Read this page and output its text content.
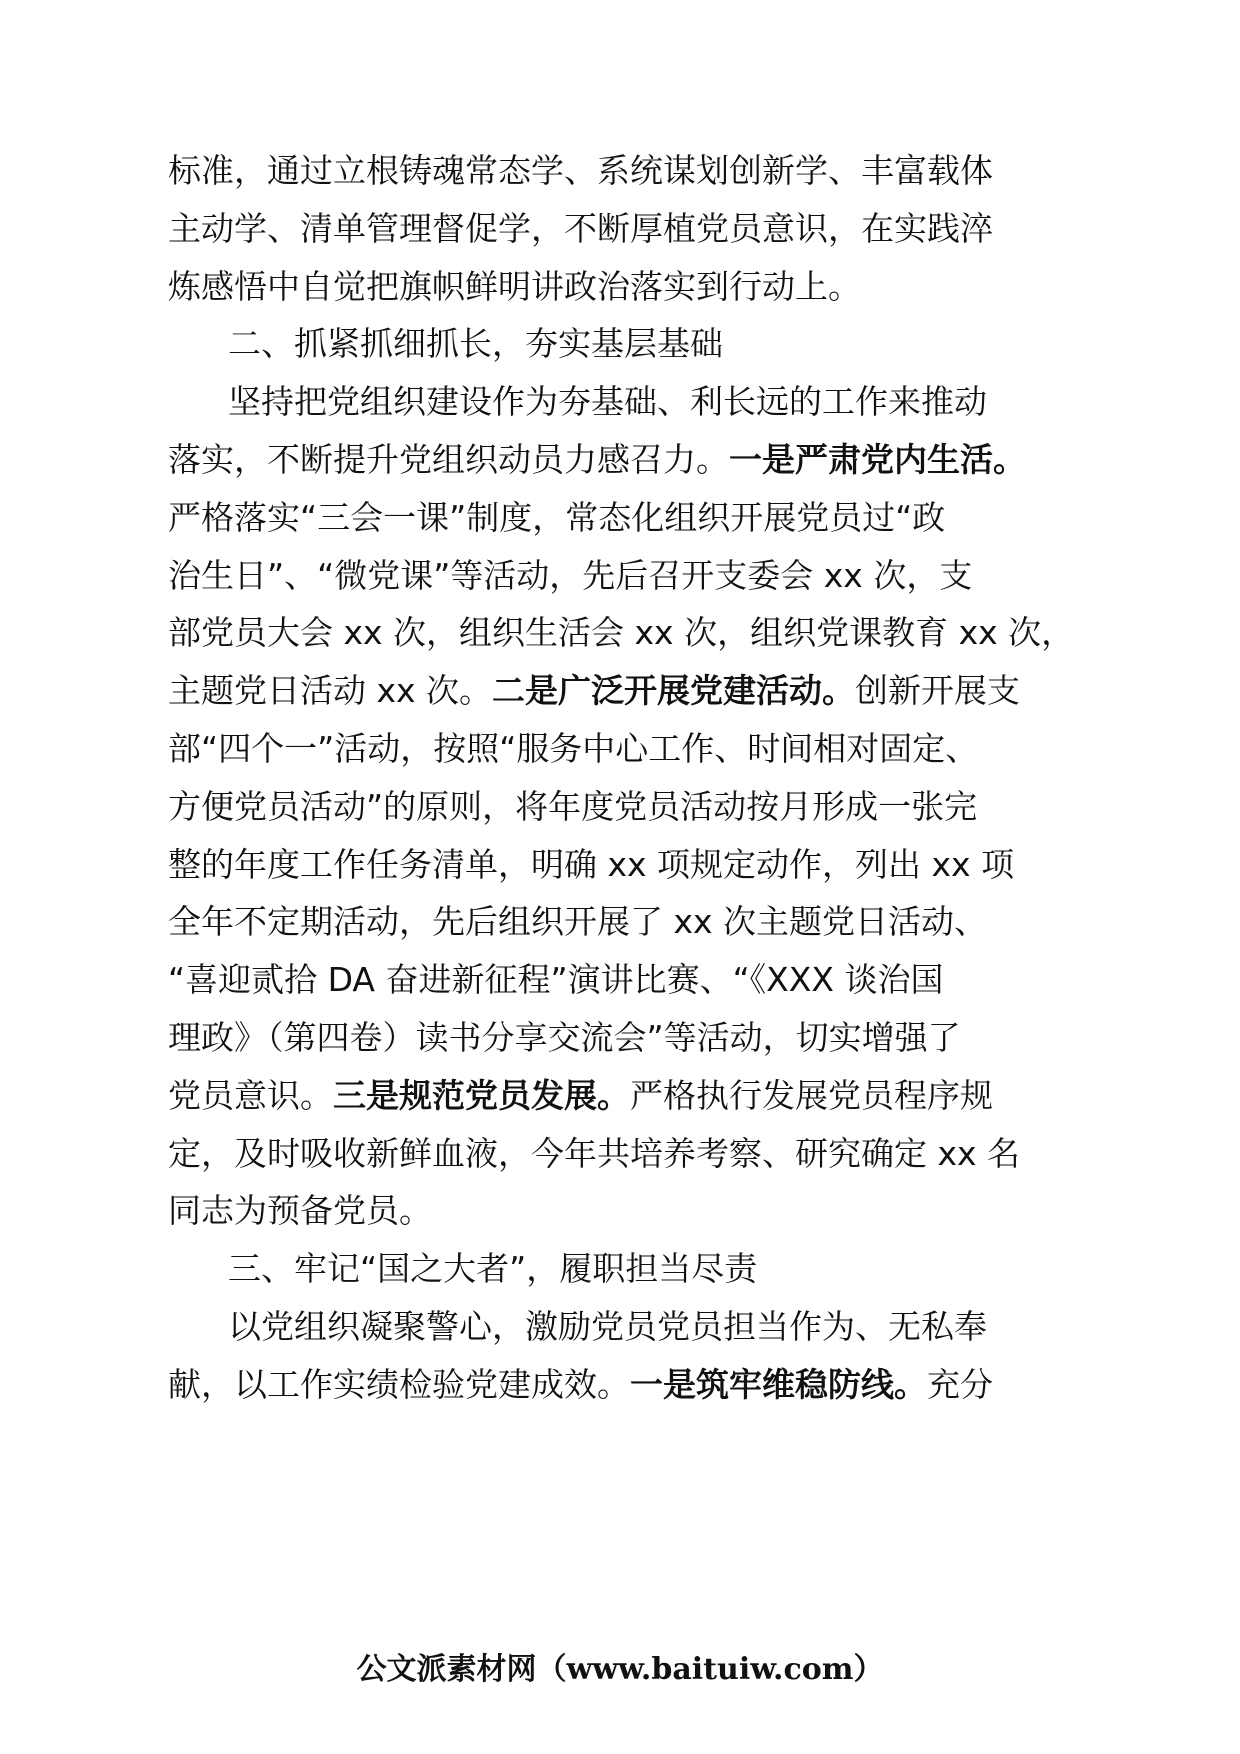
标准，通过立根铸魂常态学、系统谋划创新学、丰富载体
主动学、清单管理督促学，不断厚植党员意识，在实践淬
炼感悟中自觉把旗帜鲜明讲政治落实到行动上。
二、抓紧抓细抓长，夯实基层基础
坚持把党组织建设作为夯基础、利长远的工作来推动
落实，不断提升党组织动员力感召力。一是严肃党内生活。
严格落实“三会一课”制度，常态化组织开展党员过“政
治生日”、“微党课”等活动，先后召开支委会 xx 次，支
部党员大会 xx 次，组织生活会 xx 次，组织党课教育 xx 次，
主题党日活动 xx 次。二是广泛开展党建活动。创新开展支
部“四个一”活动，按照“服务中心工作、时间相对固定、
方便党员活动”的原则，将年度党员活动按月形成一张完
整的年度工作任务清单，明确 xx 项规定动作，列出 xx 项
全年不定期活动，先后组织开展了 xx 次主题党日活动、
“喜迎贰拾 DA 奋进新征程”演讲比赛、“《XXX 谈治国
理政》（第四卷）读书分享交流会”等活动，切实增强了
党员意识。三是规范党员发展。严格执行发展党员程序规
定，及时吸收新鲜血液，今年共培养考察、研究确定 xx 名
同志为预备党员。
三、牢记“国之大者”，履职担当尽责
以党组织凝聚警心，激励党员党员担当作为、无私奉
献，以工作实绩检验党建成效。一是筑牢维稳防线。充分
公文派素材网（www.baituiw.com）
